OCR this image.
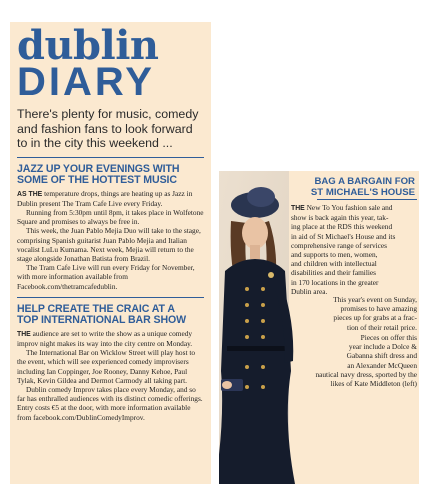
dublin
DIARY
There's plenty for music, comedy and fashion fans to look forward to in the city this weekend ...
JAZZ UP YOUR EVENINGS WITH
SOME OF THE HOTTEST MUSIC

AS THE temperature drops, things are heating up as Jazz in Dublin present The Tram Cafe Live every Friday.

Running from 5:30pm until 8pm, it takes place in Wolfetone Square and promises to always be free in.

This week, the Juan Pablo Mejia Duo will take to the stage, comprising Spanish guitarist Juan Pablo Mejia and Italian vocalist LuLu Kumama. Next week, Mejia will return to the stage alongside Jonathan Batista from Brazil.

The Tram Cafe Live will run every Friday for November, with more information available from Facebook.com/thetramcafedublin.

HELP CREATE THE CRAIC AT A
TOP INTERNATIONAL BAR SHOW

THE audience are set to write the show as a unique comedy improv night makes its way into the city centre on Monday.

The International Bar on Wicklow Street will play host to the event, which will see experienced comedy improvisers including Ian Coppinger, Joe Rooney, Danny Kehoe, Paul Tylak, Kevin Gildea and Dermot Carmody all taking part.

Dublin comedy Improv takes place every Monday, and so far has enthralled audiences with its distinct comedic offerings. Entry costs €5 at the door, with more information available from facebook.com/DublinComedyImprov.

BAG A BARGAIN FOR
ST MICHAEL'S HOUSE

THE New To You fashion sale and

show is back again this year, tak-

ing place at the RDS this weekend

in aid of St Michael's House and its

comprehensive range of services

and supports to men, women,

and children with intellectual

disabilities and their families

in 170 locations in the greater

Dublin area.

This year's event on Sunday,

promises to have amazing

pieces up for grabs at a frac-

tion of their retail price.

Pieces on offer this

year include a Dolce &

Gabanna shift dress and

an Alexander McQueen

nautical navy dress, sported by the

likes of Kate Middleton (left)
